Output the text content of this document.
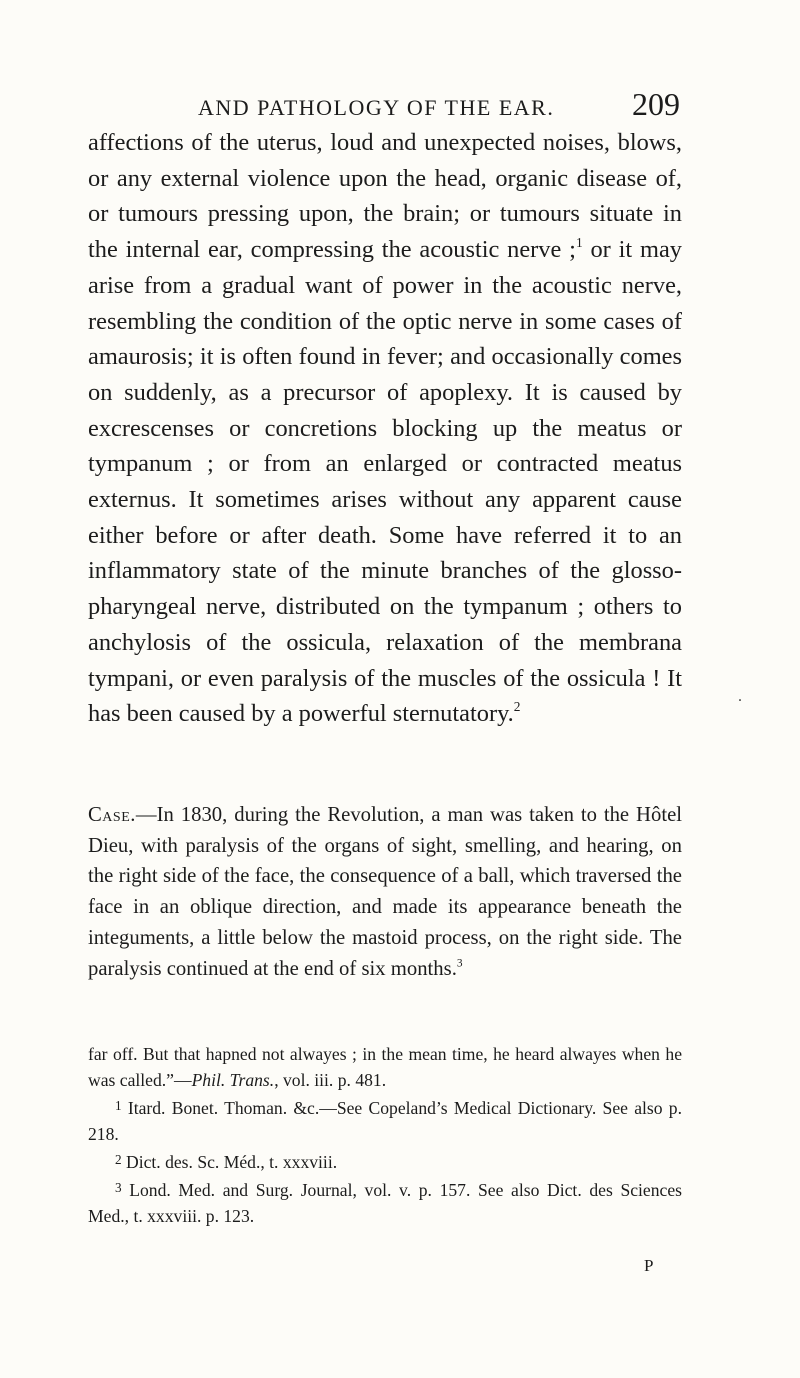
AND PATHOLOGY OF THE EAR. 209

affections of the uterus, loud and unexpected noises, blows, or any external violence upon the head, organic disease of, or tumours pressing upon, the brain; or tumours situate in the internal ear, compressing the acoustic nerve ;$^1$ or it may arise from a gradual want of power in the acoustic nerve, resembling the condition of the optic nerve in some cases of amaurosis; it is often found in fever; and occasionally comes on suddenly, as a precursor of apoplexy. It is caused by excrescenses or concretions blocking up the meatus or tympanum ; or from an enlarged or contracted meatus externus. It sometimes arises without any apparent cause either before or after death. Some have referred it to an inflammatory state of the minute branches of the glosso-pharyngeal nerve, distributed on the tympanum ; others to anchylosis of the ossicula, relaxation of the membrana tympani, or even paralysis of the muscles of the ossicula ! It has been caused by a powerful sternutatory.$^2$

.

Case.—In 1830, during the Revolution, a man was taken to the Hôtel Dieu, with paralysis of the organs of sight, smelling, and hearing, on the right side of the face, the consequence of a ball, which traversed the face in an oblique direction, and made its appearance beneath the integuments, a little below the mastoid process, on the right side. The paralysis continued at the end of six months.$^3$

far off. But that hapned not alwayes ; in the mean time, he heard alwayes when he was called.”—Phil. Trans., vol. iii. p. 481.

$^1$ Itard. Bonet. Thoman. &c.—See Copeland’s Medical Dictionary. See also p. 218.

$^2$ Dict. des. Sc. Méd., t. xxxviii.

$^3$ Lond. Med. and Surg. Journal, vol. v. p. 157. See also Dict. des Sciences Med., t. xxxviii. p. 123.

P
